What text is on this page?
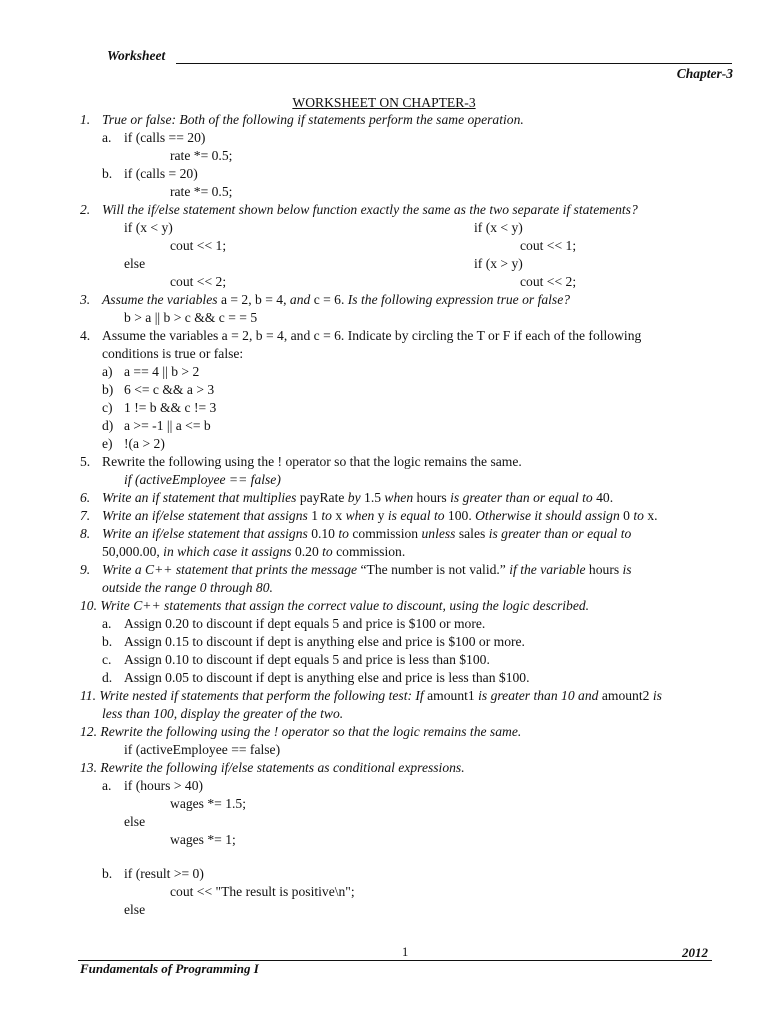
Worksheet
Chapter-3
WORKSHEET ON CHAPTER-3
1. True or false: Both of the following if statements perform the same operation.
a. if (calls == 20)
rate *= 0.5;
b. if (calls = 20)
rate *= 0.5;
2. Will the if/else statement shown below function exactly the same as the two separate if statements?
if (x < y)	if (x < y)
cout << 1;	cout << 1;
else	if (x > y)
cout << 2;	cout << 2;
3. Assume the variables a = 2, b = 4, and c = 6. Is the following expression true or false?
b > a || b > c && c = = 5
4. Assume the variables a = 2, b = 4, and c = 6. Indicate by circling the T or F if each of the following
conditions is true or false:
a) a == 4 || b > 2
b) 6 <= c && a > 3
c) 1 != b && c != 3
d) a >= -1 || a <= b
e) !(a > 2)
5. Rewrite the following using the ! operator so that the logic remains the same.
if (activeEmployee == false)
6. Write an if statement that multiplies payRate by 1.5 when hours is greater than or equal to 40.
7. Write an if/else statement that assigns 1 to x when y is equal to 100. Otherwise it should assign 0 to x.
8. Write an if/else statement that assigns 0.10 to commission unless sales is greater than or equal to
50,000.00, in which case it assigns 0.20 to commission.
9. Write a C++ statement that prints the message “The number is not valid.” if the variable hours is
outside the range 0 through 80.
10. Write C++ statements that assign the correct value to discount, using the logic described.
a. Assign 0.20 to discount if dept equals 5 and price is $100 or more.
b. Assign 0.15 to discount if dept is anything else and price is $100 or more.
c. Assign 0.10 to discount if dept equals 5 and price is less than $100.
d. Assign 0.05 to discount if dept is anything else and price is less than $100.
11. Write nested if statements that perform the following test: If amount1 is greater than 10 and amount2 is
less than 100, display the greater of the two.
12. Rewrite the following using the ! operator so that the logic remains the same.
if (activeEmployee == false)
13. Rewrite the following if/else statements as conditional expressions.
a. if (hours > 40)
wages *= 1.5;
else
wages *= 1;
b. if (result >= 0)
cout << "The result is positive\n";
else
1	2012
Fundamentals of Programming I
